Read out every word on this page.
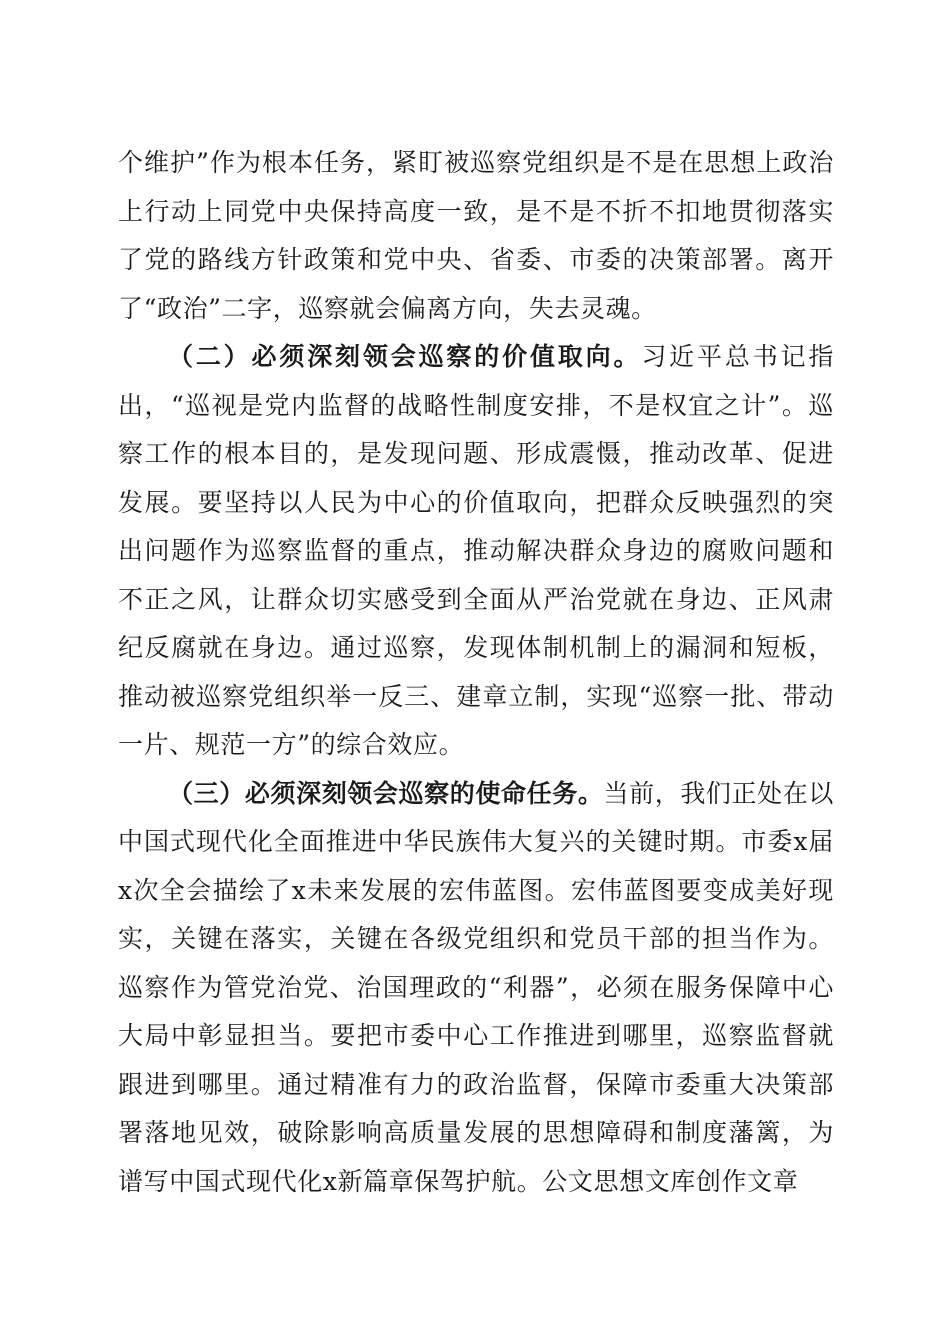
个维护”作为根本任务，紧盯被巡察党组织是不是在思想上政治上行动上同党中央保持高度一致，是不是不折不扣地贯彻落实了党的路线方针政策和党中央、省委、市委的决策部署。离开了“政治”二字，巡察就会偏离方向，失去灵魂。

（二）必须深刻领会巡察的价值取向。习近平总书记指出，“巡视是党内监督的战略性制度安排，不是权宜之计”。巡察工作的根本目的，是发现问题、形成震慑，推动改革、促进发展。要坚持以人民为中心的价值取向，把群众反映强烈的突出问题作为巡察监督的重点，推动解决群众身边的腐败问题和不正之风，让群众切实感受到全面从严治党就在身边、正风肃纪反腐就在身边。通过巡察，发现体制机制上的漏洞和短板，推动被巡察党组织举一反三、建章立制，实现“巡察一批、带动一片、规范一方”的综合效应。

（三）必须深刻领会巡察的使命任务。当前，我们正处在以中国式现代化全面推进中华民族伟大复兴的关键时期。市委x届x次全会描绘了x未来发展的宏伟蓝图。宏伟蓝图要变成美好现实，关键在落实，关键在各级党组织和党员干部的担当作为。巡察作为管党治党、治国理政的“利器”，必须在服务保障中心大局中彰显担当。要把市委中心工作推进到哪里，巡察监督就跟进到哪里。通过精准有力的政治监督，保障市委重大决策部署落地见效，破除影响高质量发展的思想障碍和制度藩篱，为谱写中国式现代化x新篇章保驾护航。公文思想文库创作文章
